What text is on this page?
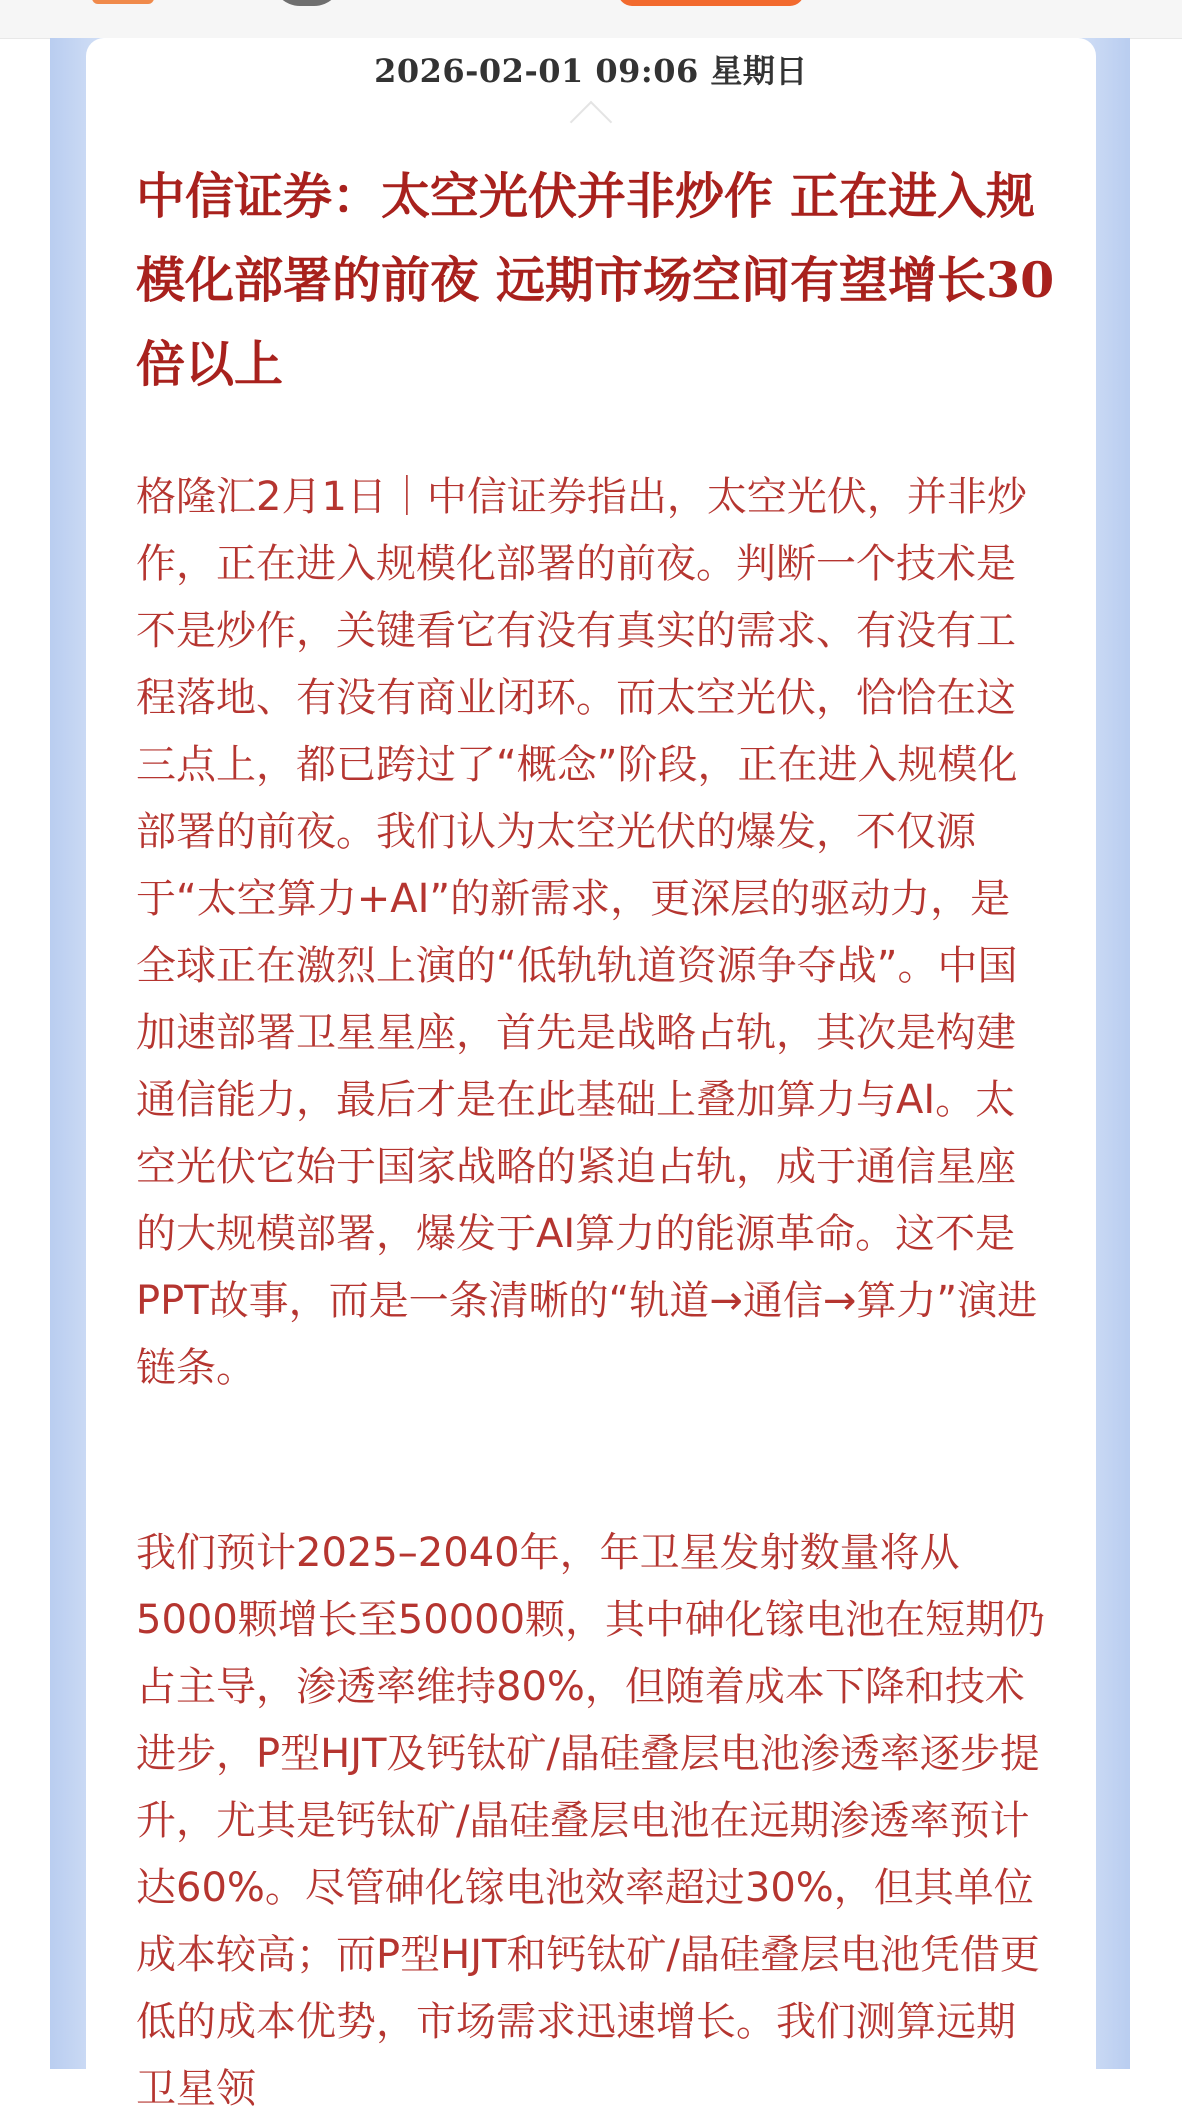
2026-02-01 09:06 星期日
中信证券：太空光伏并非炒作 正在进入规模化部署的前夜 远期市场空间有望增长30倍以上

格隆汇2月1日｜中信证券指出，太空光伏，并非炒作，正在进入规模化部署的前夜。判断一个技术是不是炒作，关键看它有没有真实的需求、有没有工程落地、有没有商业闭环。而太空光伏，恰恰在这三点上，都已跨过了“概念”阶段，正在进入规模化部署的前夜。我们认为太空光伏的爆发，不仅源于“太空算力+AI”的新需求，更深层的驱动力，是全球正在激烈上演的“低轨轨道资源争夺战”。中国加速部署卫星星座，首先是战略占轨，其次是构建通信能力，最后才是在此基础上叠加算力与AI。太空光伏它始于国家战略的紧迫占轨，成于通信星座的大规模部署，爆发于AI算力的能源革命。这不是PPT故事，而是一条清晰的“轨道→通信→算力”演进链条。

我们预计2025–2040年，年卫星发射数量将从5000颗增长至50000颗，其中砷化镓电池在短期仍占主导，渗透率维持80%，但随着成本下降和技术进步，P型HJT及钙钛矿/晶硅叠层电池渗透率逐步提升，尤其是钙钛矿/晶硅叠层电池在远期渗透率预计达60%。尽管砷化镓电池效率超过30%，但其单位成本较高；而P型HJT和钙钛矿/晶硅叠层电池凭借更低的成本优势，市场需求迅速增长。我们测算远期卫星领
